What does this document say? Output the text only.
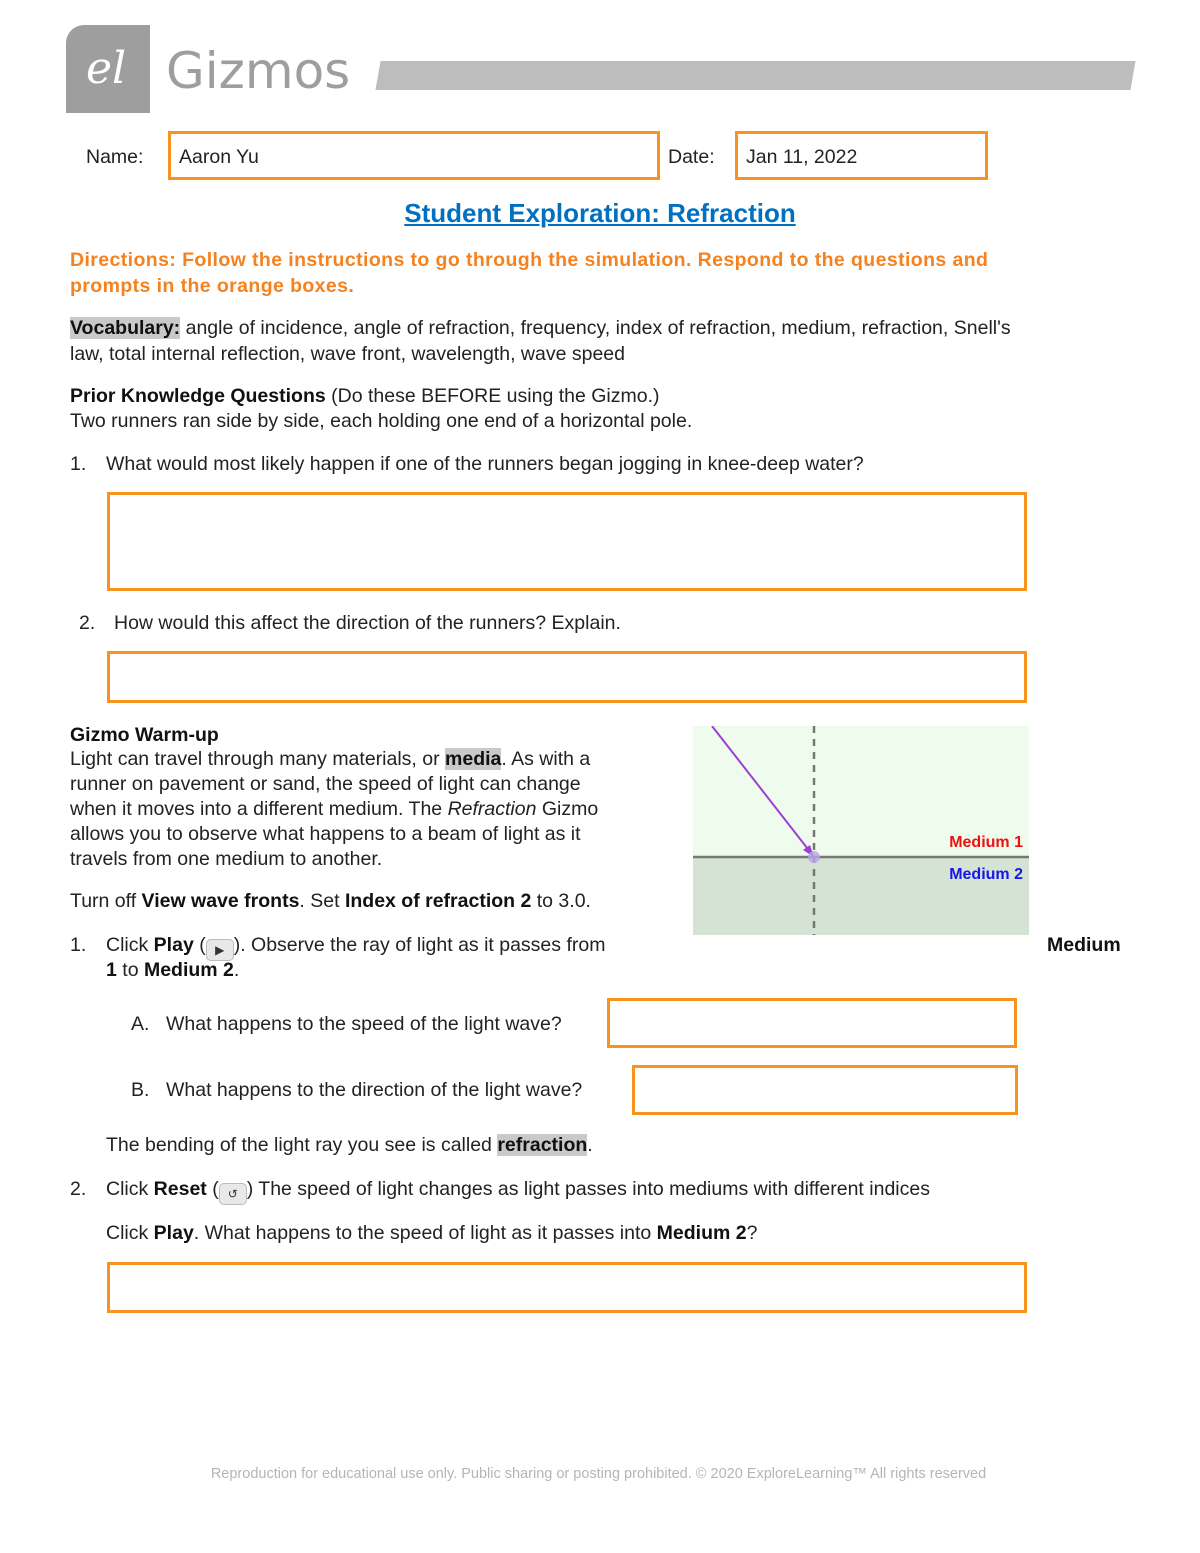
el Gizmos
Name: Aaron Yu	Date: Jan 11, 2022
Student Exploration: Refraction
Directions: Follow the instructions to go through the simulation. Respond to the questions and
prompts in the orange boxes.
Vocabulary: angle of incidence, angle of refraction, frequency, index of refraction, medium, refraction, Snell's
law, total internal reflection, wave front, wavelength, wave speed
Prior Knowledge Questions (Do these BEFORE using the Gizmo.)
Two runners ran side by side, each holding one end of a horizontal pole.
1. What would most likely happen if one of the runners began jogging in knee-deep water?
2. How would this affect the direction of the runners? Explain.
Gizmo Warm-up
Light can travel through many materials, or media. As with a
runner on pavement or sand, the speed of light can change
when it moves into a different medium. The Refraction Gizmo
allows you to observe what happens to a beam of light as it
travels from one medium to another.
Turn off View wave fronts. Set Index of refraction 2 to 3.0.
Medium 1
Medium 2
1. Click Play ( ▶ ). Observe the ray of light as it passes from	Medium
1 to Medium 2.
A. What happens to the speed of the light wave?
B. What happens to the direction of the light wave?
The bending of the light ray you see is called refraction.
2. Click Reset ( ↺ ) The speed of light changes as light passes into mediums with different indices
Click Play. What happens to the speed of light as it passes into Medium 2?
Reproduction for educational use only. Public sharing or posting prohibited. © 2020 ExploreLearning™ All rights reserved
